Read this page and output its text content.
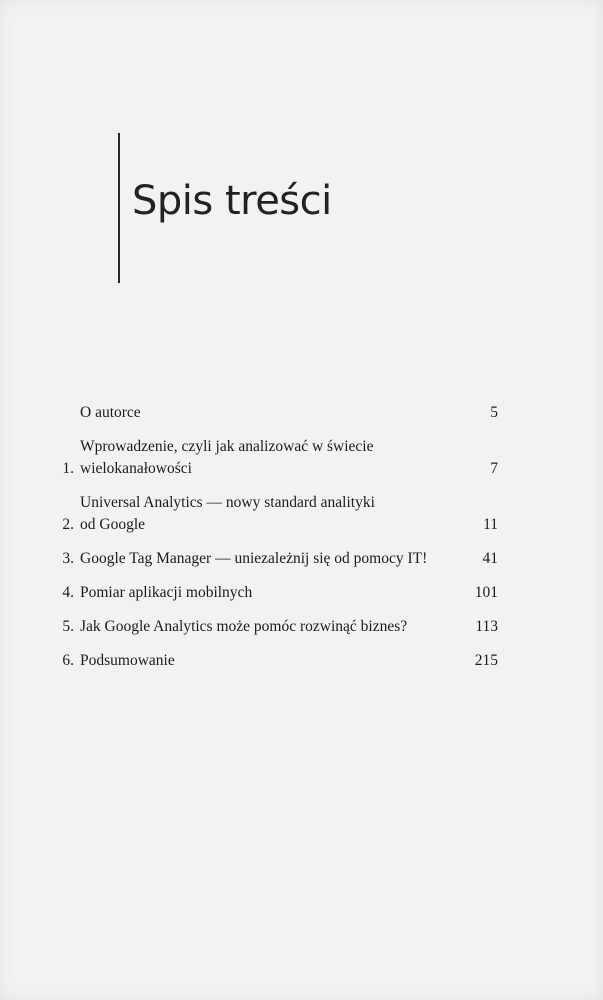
Spis treści
O autorce	5
1.
Wprowadzenie, czyli jak analizować w świecie
wielokanałowości	7
2.
Universal Analytics — nowy standard analityki
od Google	11
3. Google Tag Manager — uniezależnij się od pomocy IT!	41
4. Pomiar aplikacji mobilnych	101
5. Jak Google Analytics może pomóc rozwinąć biznes?	113
6. Podsumowanie	215
